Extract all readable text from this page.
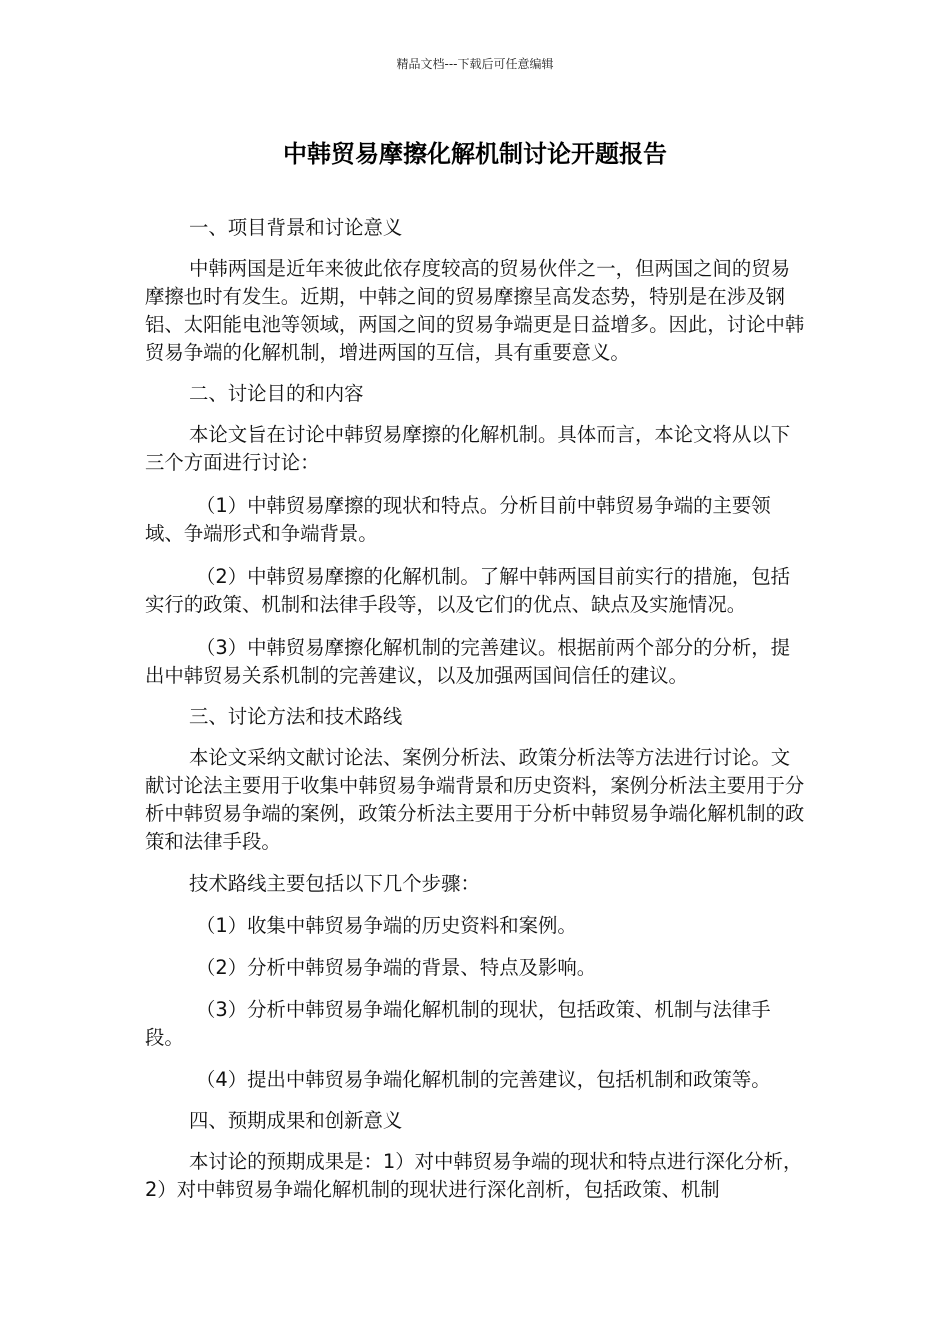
精品文档---下载后可任意编辑
中韩贸易摩擦化解机制讨论开题报告

一、项目背景和讨论意义

中韩两国是近年来彼此依存度较高的贸易伙伴之一，但两国之间的贸易摩擦也时有发生。近期，中韩之间的贸易摩擦呈高发态势，特别是在涉及钢铝、太阳能电池等领域，两国之间的贸易争端更是日益增多。因此，讨论中韩贸易争端的化解机制，增进两国的互信，具有重要意义。

二、讨论目的和内容

本论文旨在讨论中韩贸易摩擦的化解机制。具体而言，本论文将从以下三个方面进行讨论：

（1）中韩贸易摩擦的现状和特点。分析目前中韩贸易争端的主要领域、争端形式和争端背景。

（2）中韩贸易摩擦的化解机制。了解中韩两国目前实行的措施，包括实行的政策、机制和法律手段等，以及它们的优点、缺点及实施情况。

（3）中韩贸易摩擦化解机制的完善建议。根据前两个部分的分析，提出中韩贸易关系机制的完善建议，以及加强两国间信任的建议。

三、讨论方法和技术路线

本论文采纳文献讨论法、案例分析法、政策分析法等方法进行讨论。文献讨论法主要用于收集中韩贸易争端背景和历史资料，案例分析法主要用于分析中韩贸易争端的案例，政策分析法主要用于分析中韩贸易争端化解机制的政策和法律手段。

技术路线主要包括以下几个步骤：

（1）收集中韩贸易争端的历史资料和案例。

（2）分析中韩贸易争端的背景、特点及影响。

（3）分析中韩贸易争端化解机制的现状，包括政策、机制与法律手段。

（4）提出中韩贸易争端化解机制的完善建议，包括机制和政策等。

四、预期成果和创新意义

本讨论的预期成果是：1）对中韩贸易争端的现状和特点进行深化分析，2）对中韩贸易争端化解机制的现状进行深化剖析，包括政策、机制
